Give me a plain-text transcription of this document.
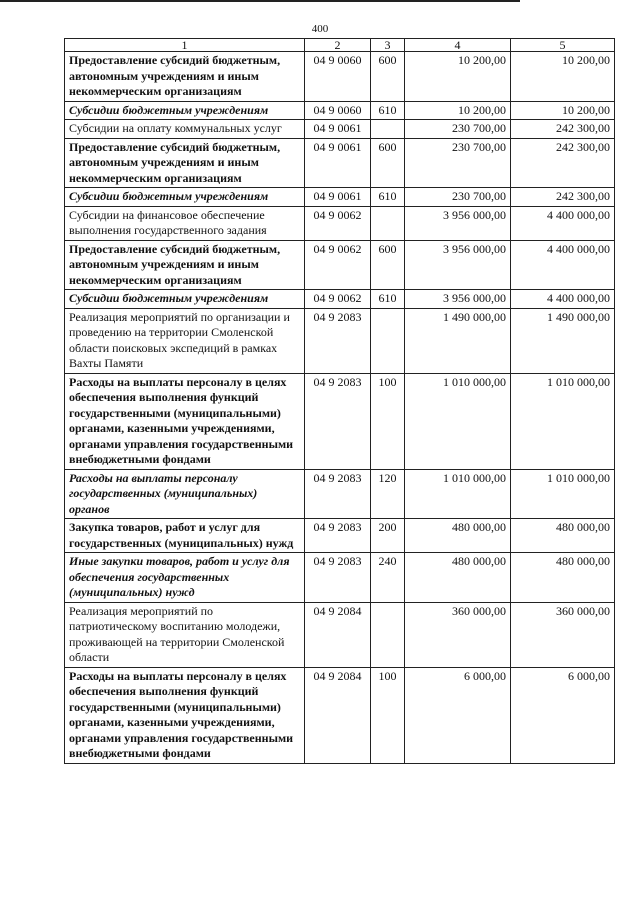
400
1	2	3	4	5
Предоставление субсидий бюджетным, автономным учреждениям и иным некоммерческим организациям	04 9 0060	600	10 200,00	10 200,00
Субсидии бюджетным учреждениям	04 9 0060	610	10 200,00	10 200,00
Субсидии на оплату коммунальных услуг	04 9 0061		230 700,00	242 300,00
Предоставление субсидий бюджетным, автономным учреждениям и иным некоммерческим организациям	04 9 0061	600	230 700,00	242 300,00
Субсидии бюджетным учреждениям	04 9 0061	610	230 700,00	242 300,00
Субсидии на финансовое обеспечение выполнения государственного задания	04 9 0062		3 956 000,00	4 400 000,00
Предоставление субсидий бюджетным, автономным учреждениям и иным некоммерческим организациям	04 9 0062	600	3 956 000,00	4 400 000,00
Субсидии бюджетным учреждениям	04 9 0062	610	3 956 000,00	4 400 000,00
Реализация мероприятий по организации и проведению на территории Смоленской области поисковых экспедиций в рамках Вахты Памяти	04 9 2083		1 490 000,00	1 490 000,00
Расходы на выплаты персоналу в целях обеспечения выполнения функций государственными (муниципальными) органами, казенными учреждениями, органами управления государственными внебюджетными фондами	04 9 2083	100	1 010 000,00	1 010 000,00
Расходы на выплаты персоналу государственных (муниципальных) органов	04 9 2083	120	1 010 000,00	1 010 000,00
Закупка товаров, работ и услуг для государственных (муниципальных) нужд	04 9 2083	200	480 000,00	480 000,00
Иные закупки товаров, работ и услуг для обеспечения государственных (муниципальных) нужд	04 9 2083	240	480 000,00	480 000,00
Реализация мероприятий по патриотическому воспитанию молодежи, проживающей на территории Смоленской области	04 9 2084		360 000,00	360 000,00
Расходы на выплаты персоналу в целях обеспечения выполнения функций государственными (муниципальными) органами, казенными учреждениями, органами управления государственными внебюджетными фондами	04 9 2084	100	6 000,00	6 000,00
